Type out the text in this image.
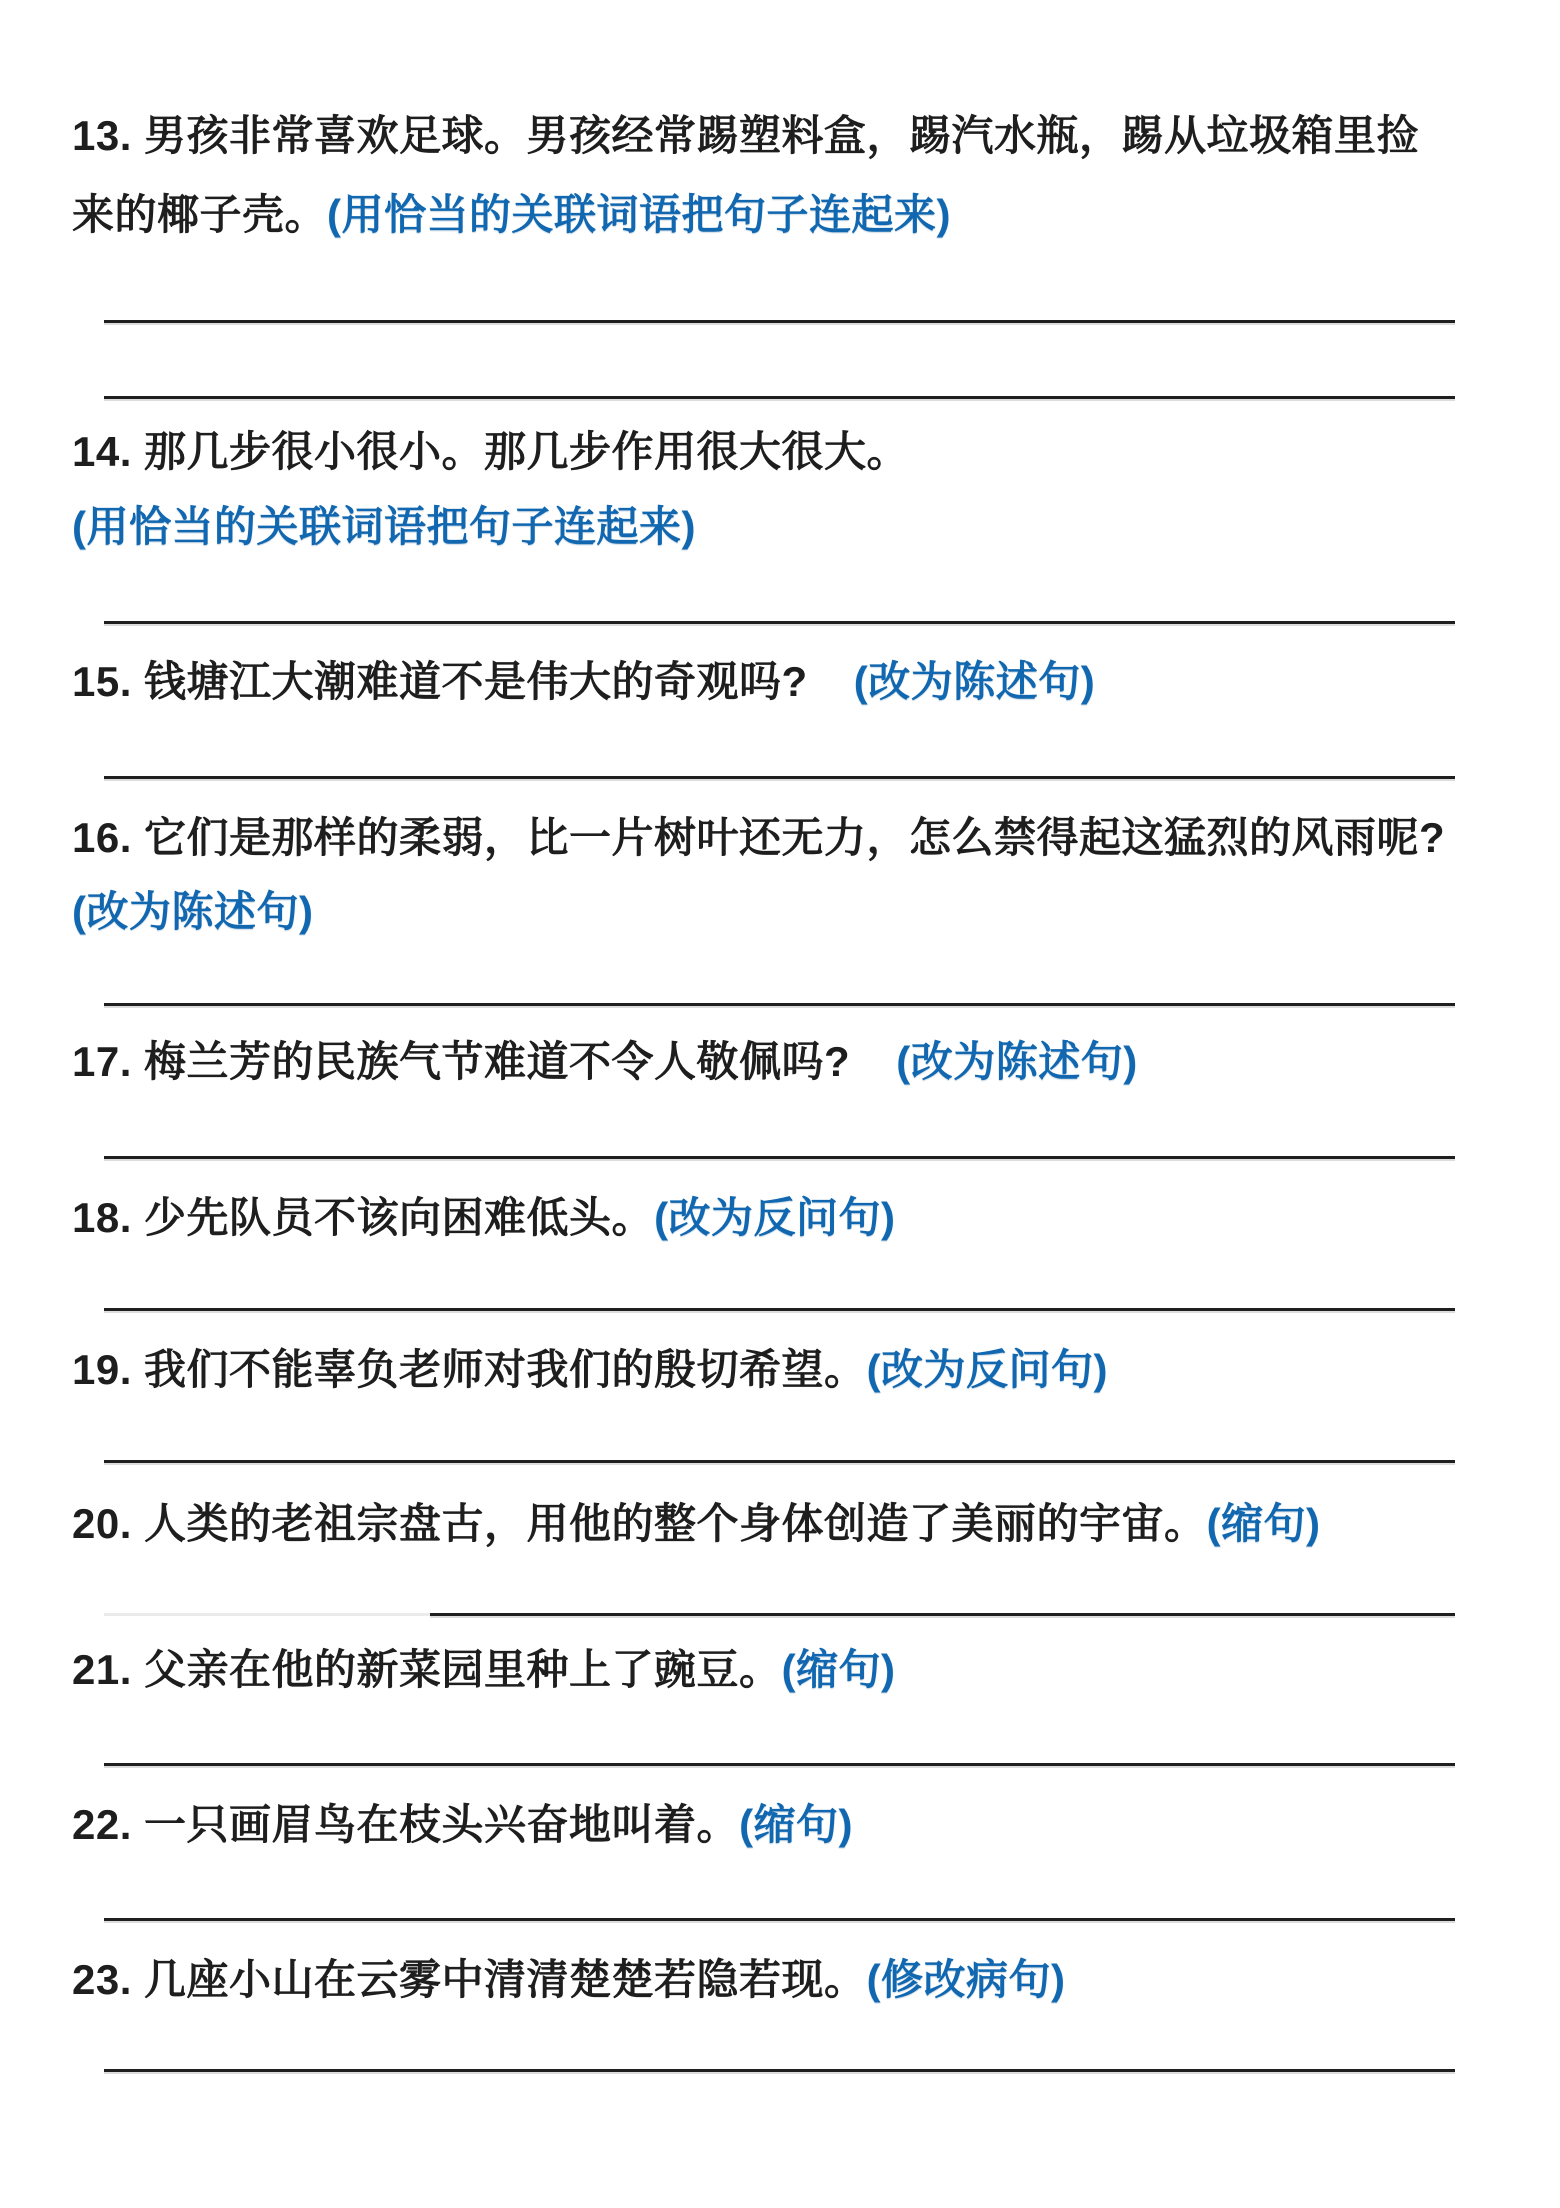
13. 男孩非常喜欢足球。男孩经常踢塑料盒，踢汽水瓶，踢从垃圾箱里捡
来的椰子壳。(用恰当的关联词语把句子连起来)
14. 那几步很小很小。那几步作用很大很大。
(用恰当的关联词语把句子连起来)
15. 钱塘江大潮难道不是伟大的奇观吗? (改为陈述句)
16. 它们是那样的柔弱，比一片树叶还无力，怎么禁得起这猛烈的风雨呢?
(改为陈述句)
17. 梅兰芳的民族气节难道不令人敬佩吗? (改为陈述句)
18. 少先队员不该向困难低头。(改为反问句)
19. 我们不能辜负老师对我们的殷切希望。(改为反问句)
20. 人类的老祖宗盘古，用他的整个身体创造了美丽的宇宙。(缩句)
21. 父亲在他的新菜园里种上了豌豆。(缩句)
22. 一只画眉鸟在枝头兴奋地叫着。(缩句)
23. 几座小山在云雾中清清楚楚若隐若现。(修改病句)
